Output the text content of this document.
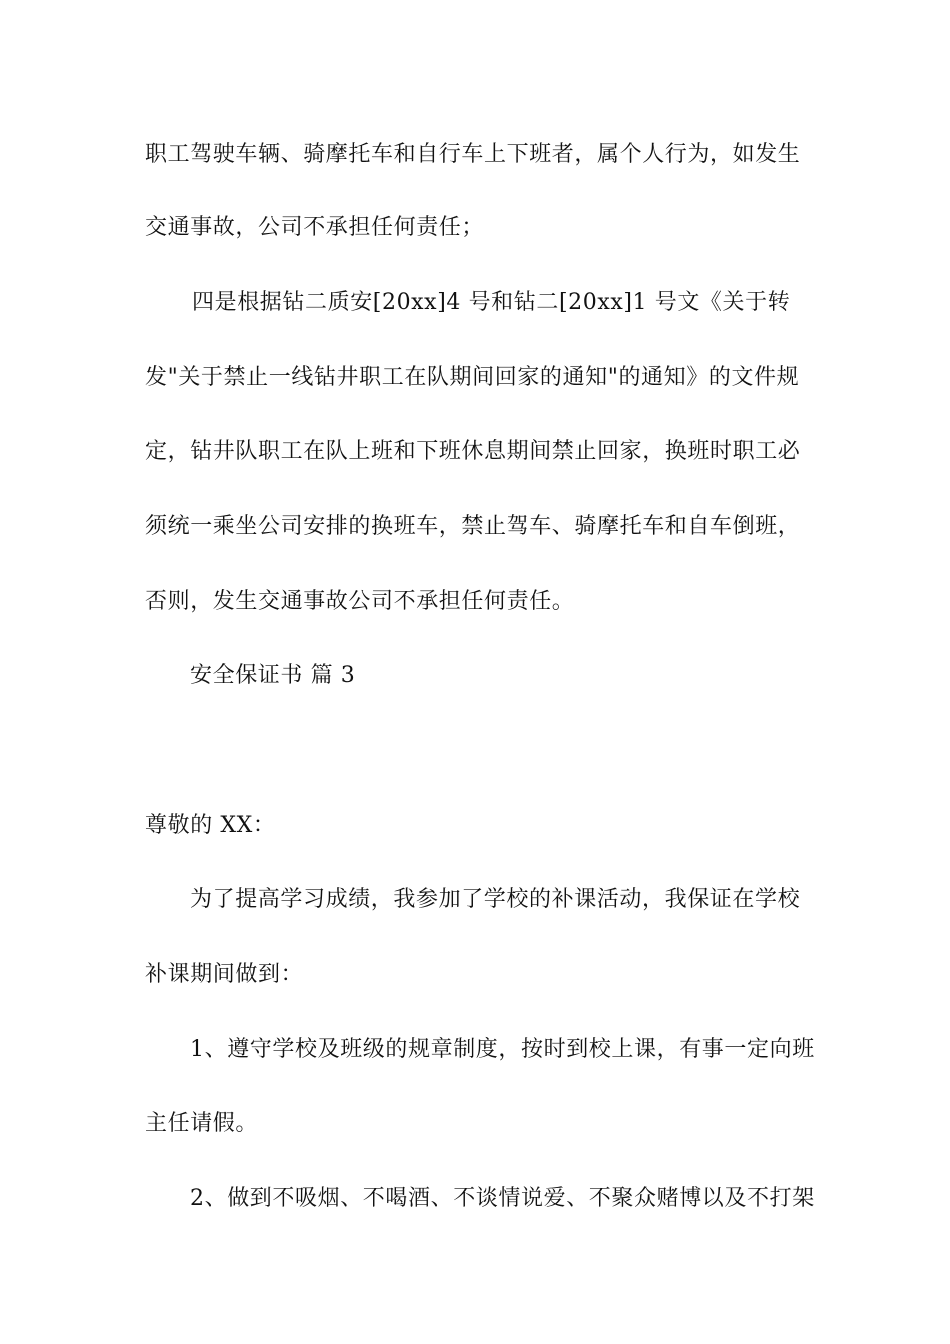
职工驾驶车辆、骑摩托车和自行车上下班者，属个人行为，如发生
交通事故，公司不承担任何责任；
四是根据钻二质安[20xx]4 号和钻二[20xx]1 号文《关于转
发"关于禁止一线钻井职工在队期间回家的通知"的通知》的文件规
定，钻井队职工在队上班和下班休息期间禁止回家，换班时职工必
须统一乘坐公司安排的换班车，禁止驾车、骑摩托车和自车倒班，
否则，发生交通事故公司不承担任何责任。
安全保证书 篇 3
尊敬的 XX：
为了提高学习成绩，我参加了学校的补课活动，我保证在学校
补课期间做到：
1、遵守学校及班级的规章制度，按时到校上课，有事一定向班
主任请假。
2、做到不吸烟、不喝酒、不谈情说爱、不聚众赌博以及不打架
